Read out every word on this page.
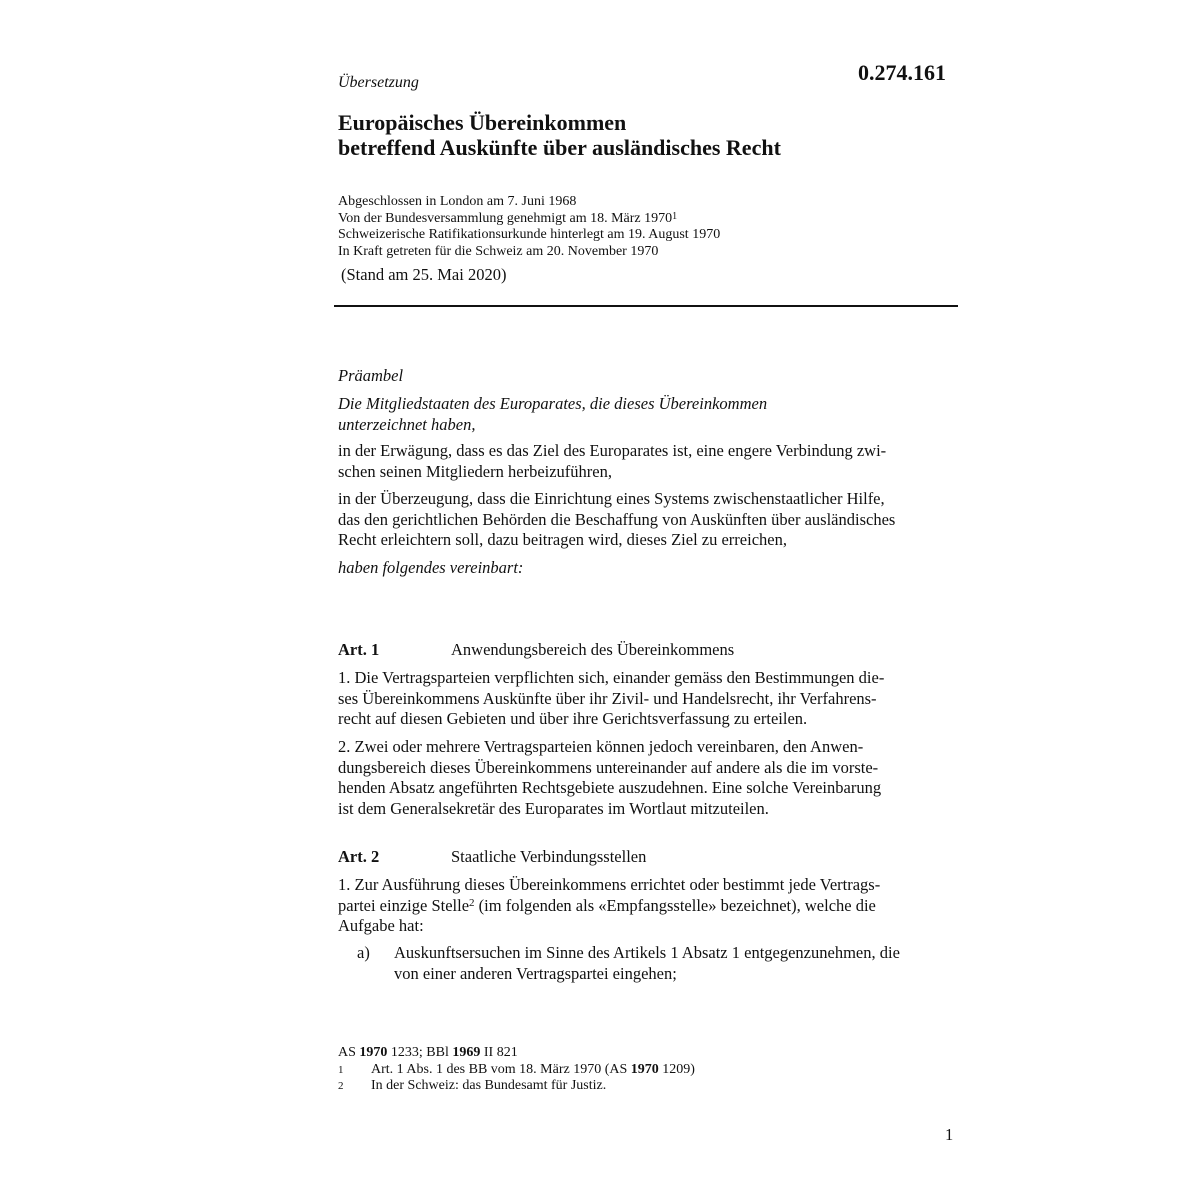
0.274.161
Übersetzung
Europäisches Übereinkommen
betreffend Auskünfte über ausländisches Recht
Abgeschlossen in London am 7. Juni 1968
Von der Bundesversammlung genehmigt am 18. März 1970$^1$
Schweizerische Ratifikationsurkunde hinterlegt am 19. August 1970
In Kraft getreten für die Schweiz am 20. November 1970
(Stand am 25. Mai 2020)
Präambel
Die Mitgliedstaaten des Europarates, die dieses Übereinkommen
unterzeichnet haben,
in der Erwägung, dass es das Ziel des Europarates ist, eine engere Verbindung zwi-
schen seinen Mitgliedern herbeizuführen,
in der Überzeugung, dass die Einrichtung eines Systems zwischenstaatlicher Hilfe,
das den gerichtlichen Behörden die Beschaffung von Auskünften über ausländisches
Recht erleichtern soll, dazu beitragen wird, dieses Ziel zu erreichen,
haben folgendes vereinbart:
Art. 1	Anwendungsbereich des Übereinkommens
1. Die Vertragsparteien verpflichten sich, einander gemäss den Bestimmungen die-
ses Übereinkommens Auskünfte über ihr Zivil- und Handelsrecht, ihr Verfahrens-
recht auf diesen Gebieten und über ihre Gerichtsverfassung zu erteilen.
2. Zwei oder mehrere Vertragsparteien können jedoch vereinbaren, den Anwen-
dungsbereich dieses Übereinkommens untereinander auf andere als die im vorste-
henden Absatz angeführten Rechtsgebiete auszudehnen. Eine solche Vereinbarung
ist dem Generalsekretär des Europarates im Wortlaut mitzuteilen.
Art. 2	Staatliche Verbindungsstellen
1. Zur Ausführung dieses Übereinkommens errichtet oder bestimmt jede Vertrags-
partei einzige Stelle$^2$ (im folgenden als «Empfangsstelle» bezeichnet), welche die
Aufgabe hat:
a) Auskunftsersuchen im Sinne des Artikels 1 Absatz 1 entgegenzunehmen, die
von einer anderen Vertragspartei eingehen;
AS 1970 1233; BBl 1969 II 821
1 Art. 1 Abs. 1 des BB vom 18. März 1970 (AS 1970 1209)
2 In der Schweiz: das Bundesamt für Justiz.
1
